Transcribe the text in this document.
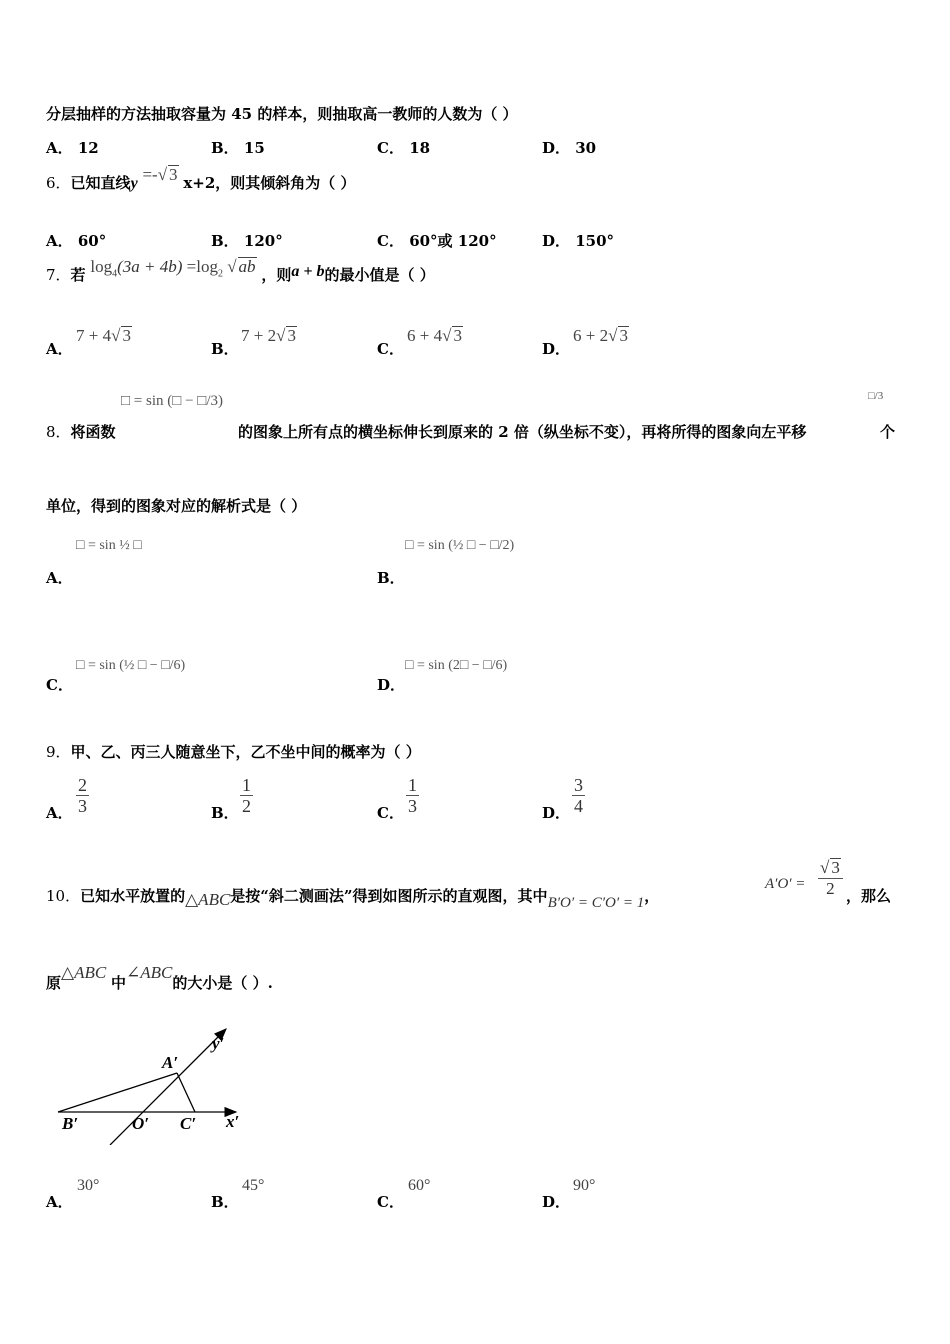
分层抽样的方法抽取容量为 45 的样本，则抽取高一教师的人数为（ ）
A． 12	B． 15	C． 18	D． 30
6．已知直线y =-√ 3 x+2，则其倾斜角为（ ）
A． 60°	B． 120°	C． 60°或 120°	D． 150°
7．若 $\log_4(3a + 4b) =\log_2$ √ ab ，则a + b的最小值是（ ）
A．
7 + 4√ 3
B．
7 + 2√ 3
C．
6 + 4√ 3
D．
6 + 2√ 3
8．将函数
□ = sin (□ − □/3)
的图象上所有点的横坐标伸长到原来的 2 倍（纵坐标不变），再将所得的图象向左平移
□/3
个
单位，得到的图象对应的解析式是（ ）
A．
□ = sin ½ □
B．
□ = sin (½ □ − □/2)
C．
□ = sin (½ □ − □/6)
D．
□ = sin (2□ − □/6)
9．甲、乙、丙三人随意坐下，乙不坐中间的概率为（ ）
A． $\frac{2}{3}$	B． $\frac{1}{2}$	C． $\frac{1}{3}$	D． $\frac{3}{4}$
10．已知水平放置的△ABC是按“斜二测画法”得到如图所示的直观图，其中B′O′ = C′O′ = 1，
$A'O' = \frac{√ 3}{2}$ ，那么
原△ABC 中∠ABC的大小是（ ）.
A′
B′	O′ C′ x′
y′
A．
30°
B．
45°
C．
60°
D．
90°
